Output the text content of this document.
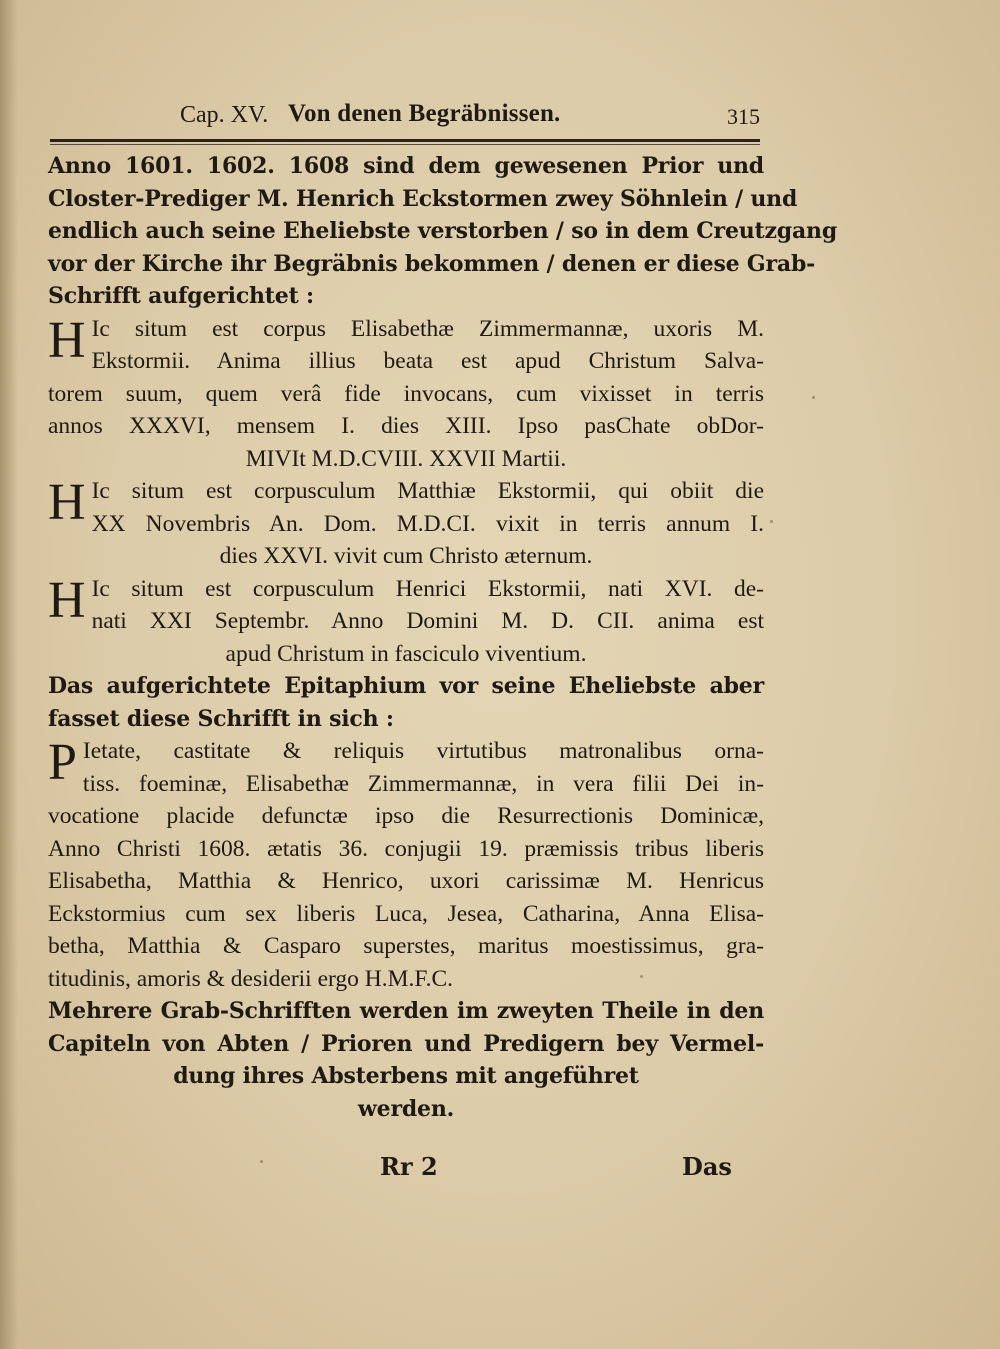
Cap. XV. Von denen Begräbnissen.	315
Anno 1601. 1602. 1608 sind dem gewesenen Prior und
Closter-Prediger M. Henrich Eckstormen zwey Söhnlein / und
endlich auch seine Eheliebste verstorben / so in dem Creutzgang
vor der Kirche ihr Begräbnis bekommen / denen er diese Grab-
Schrifft aufgerichtet :
H Ic situm est corpus Elisabethæ Zimmermannæ, uxoris M.
Ekstormii. Anima illius beata est apud Christum Salva-
torem suum, quem verâ fide invocans, cum vixisset in terris
annos XXXVI, mensem I. dies XIII. Ipso pasChate obDor-
MIVIt M.D.CVIII. XXVII Martii.
H Ic situm est corpusculum Matthiæ Ekstormii, qui obiit die
XX Novembris An. Dom. M.D.CI. vixit in terris annum I.
dies XXVI. vivit cum Christo æternum.
H Ic situm est corpusculum Henrici Ekstormii, nati XVI. de-
nati XXI Septembr. Anno Domini M. D. CII. anima est
apud Christum in fasciculo viventium.
Das aufgerichtete Epitaphium vor seine Eheliebste aber
fasset diese Schrifft in sich :
P Ietate, castitate & reliquis virtutibus matronalibus orna-
tiss. foeminæ, Elisabethæ Zimmermannæ, in vera filii Dei in-
vocatione placide defunctæ ipso die Resurrectionis Dominicæ,
Anno Christi 1608. ætatis 36. conjugii 19. præmissis tribus liberis
Elisabetha, Matthia & Henrico, uxori carissimæ M. Henricus
Eckstormius cum sex liberis Luca, Jesea, Catharina, Anna Elisa-
betha, Matthia & Casparo superstes, maritus moestissimus, gra-
titudinis, amoris & desiderii ergo H.M.F.C.
Mehrere Grab-Schrifften werden im zweyten Theile in den
Capiteln von Abten / Prioren und Predigern bey Vermel-
dung ihres Absterbens mit angeführet
werden.
Rr 2	Das
